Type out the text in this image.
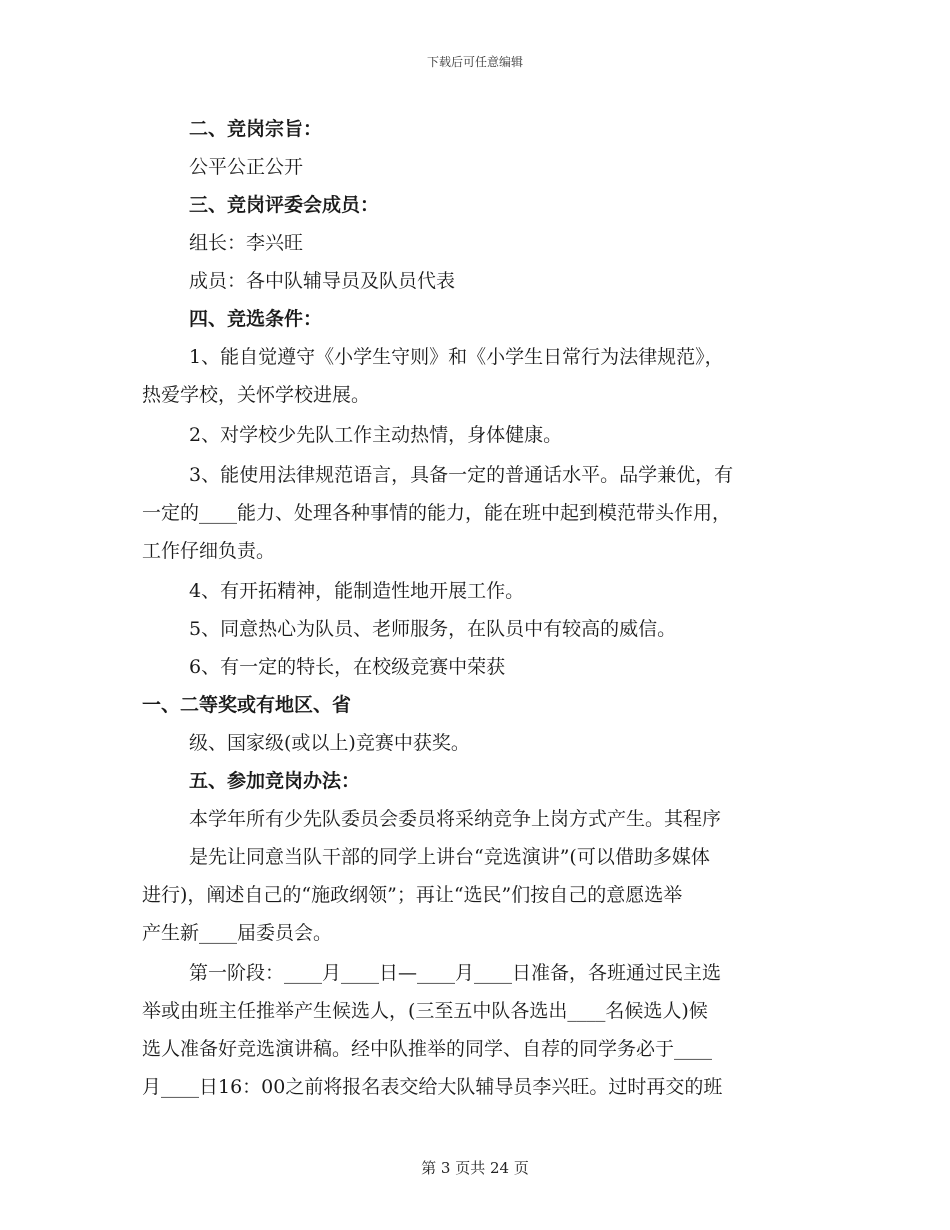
下载后可任意编辑
二、竞岗宗旨：
公平公正公开
三、竞岗评委会成员：
组长：李兴旺
成员：各中队辅导员及队员代表
四、竞选条件：
1、能自觉遵守《小学生守则》和《小学生日常行为法律规范》，
热爱学校，关怀学校进展。
2、对学校少先队工作主动热情，身体健康。
3、能使用法律规范语言，具备一定的普通话水平。品学兼优，有
一定的____能力、处理各种事情的能力，能在班中起到模范带头作用，
工作仔细负责。
4、有开拓精神，能制造性地开展工作。
5、同意热心为队员、老师服务，在队员中有较高的威信。
6、有一定的特长，在校级竞赛中荣获
一、二等奖或有地区、省
级、国家级(或以上)竞赛中获奖。
五、参加竞岗办法：
本学年所有少先队委员会委员将采纳竞争上岗方式产生。其程序
是先让同意当队干部的同学上讲台“竞选演讲”(可以借助多媒体
进行)，阐述自己的“施政纲领”；再让“选民”们按自己的意愿选举
产生新____届委员会。
第一阶段：____月____日—____月____日准备，各班通过民主选
举或由班主任推举产生候选人，(三至五中队各选出____名候选人)候
选人准备好竞选演讲稿。经中队推举的同学、自荐的同学务必于____
月____日16：00之前将报名表交给大队辅导员李兴旺。过时再交的班
第 3 页共 24 页
